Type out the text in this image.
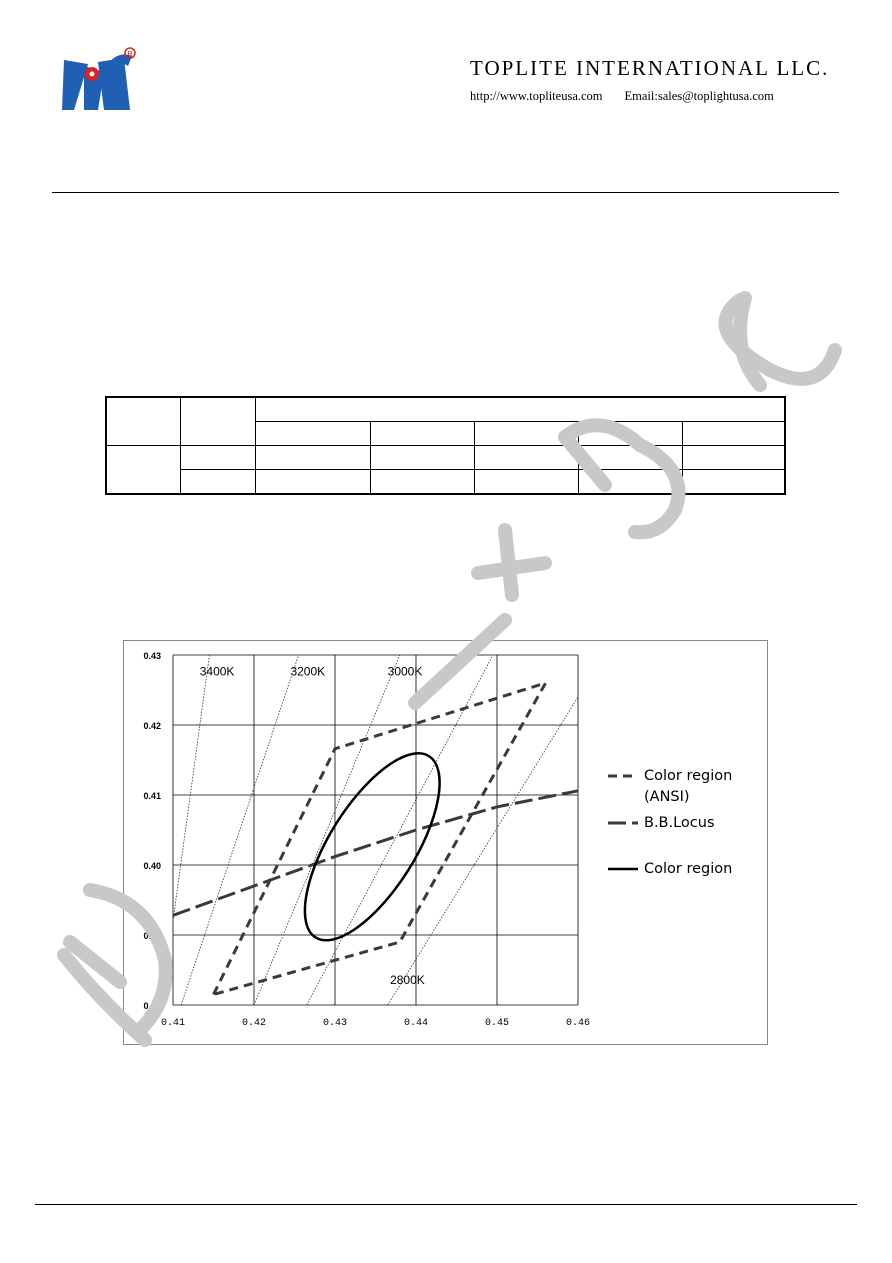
R
TOPLITE INTERNATIONAL LLC.
http://www.topliteusa.com Email:sales@toplightusa.com

0.41	0.42	0.43	0.44	0.45	0.46
0.38
0.39
0.40
0.41
0.42
0.43
3400K	3200K	3000K
2800K
Color region
(ANSI)
B.B.Locus
Color region
